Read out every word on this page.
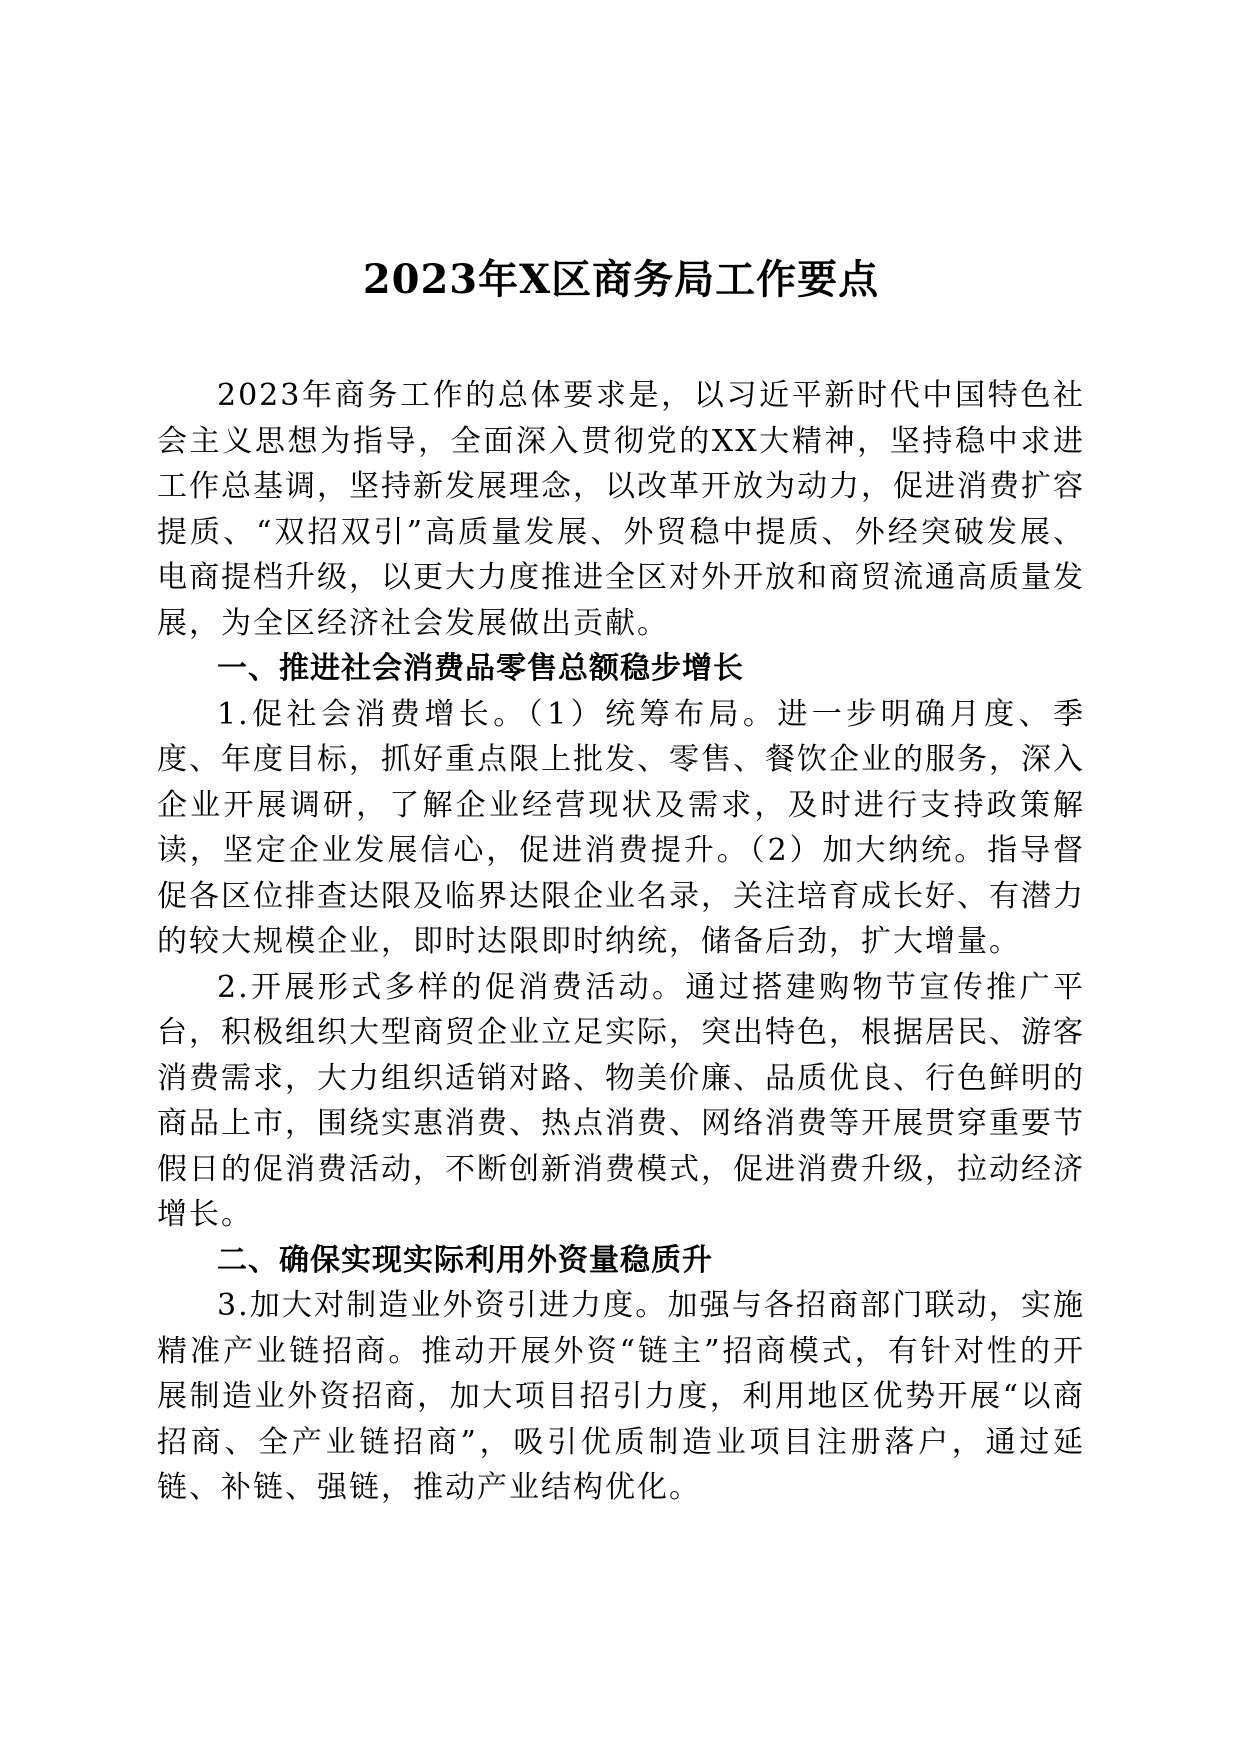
2023年X区商务局工作要点

2023年商务工作的总体要求是，以习近平新时代中国特色社会主义思想为指导，全面深入贯彻党的XX大精神，坚持稳中求进工作总基调，坚持新发展理念，以改革开放为动力，促进消费扩容提质、“双招双引”高质量发展、外贸稳中提质、外经突破发展、电商提档升级，以更大力度推进全区对外开放和商贸流通高质量发展，为全区经济社会发展做出贡献。

一、推进社会消费品零售总额稳步增长

1.促社会消费增长。（1）统筹布局。进一步明确月度、季度、年度目标，抓好重点限上批发、零售、餐饮企业的服务，深入企业开展调研，了解企业经营现状及需求，及时进行支持政策解读，坚定企业发展信心，促进消费提升。（2）加大纳统。指导督促各区位排查达限及临界达限企业名录，关注培育成长好、有潜力的较大规模企业，即时达限即时纳统，储备后劲，扩大增量。

2.开展形式多样的促消费活动。通过搭建购物节宣传推广平台，积极组织大型商贸企业立足实际，突出特色，根据居民、游客消费需求，大力组织适销对路、物美价廉、品质优良、行色鲜明的商品上市，围绕实惠消费、热点消费、网络消费等开展贯穿重要节假日的促消费活动，不断创新消费模式，促进消费升级，拉动经济增长。

二、确保实现实际利用外资量稳质升

3.加大对制造业外资引进力度。加强与各招商部门联动，实施精准产业链招商。推动开展外资“链主”招商模式，有针对性的开展制造业外资招商，加大项目招引力度，利用地区优势开展“以商招商、全产业链招商”，吸引优质制造业项目注册落户，通过延链、补链、强链，推动产业结构优化。
